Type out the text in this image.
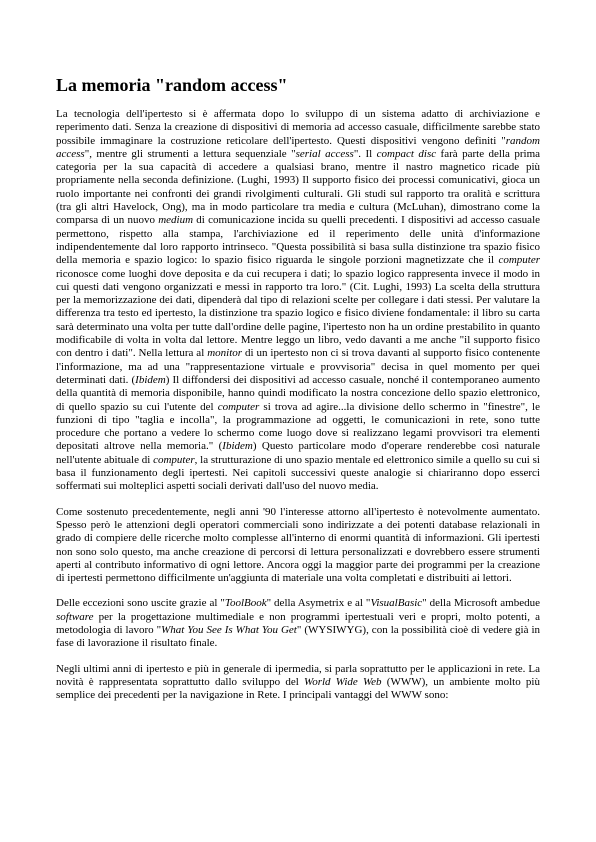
La memoria "random access"

La tecnologia dell'ipertesto si è affermata dopo lo sviluppo di un sistema adatto di archiviazione e reperimento dati. Senza la creazione di dispositivi di memoria ad accesso casuale, difficilmente sarebbe stato possibile immaginare la costruzione reticolare dell'ipertesto. Questi dispositivi vengono definiti "random access", mentre gli strumenti a lettura sequenziale "serial access". Il compact disc farà parte della prima categoria per la sua capacità di accedere a qualsiasi brano, mentre il nastro magnetico ricade più propriamente nella seconda definizione. (Lughi, 1993) Il supporto fisico dei processi comunicativi, gioca un ruolo importante nei confronti dei grandi rivolgimenti culturali. Gli studi sul rapporto tra oralità e scrittura (tra gli altri Havelock, Ong), ma in modo particolare tra media e cultura (McLuhan), dimostrano come la comparsa di un nuovo medium di comunicazione incida su quelli precedenti. I dispositivi ad accesso casuale permettono, rispetto alla stampa, l'archiviazione ed il reperimento delle unità d'informazione indipendentemente dal loro rapporto intrinseco. "Questa possibilità si basa sulla distinzione tra spazio fisico della memoria e spazio logico: lo spazio fisico riguarda le singole porzioni magnetizzate che il computer riconosce come luoghi dove deposita e da cui recupera i dati; lo spazio logico rappresenta invece il modo in cui questi dati vengono organizzati e messi in rapporto tra loro." (Cit. Lughi, 1993) La scelta della struttura per la memorizzazione dei dati, dipenderà dal tipo di relazioni scelte per collegare i dati stessi. Per valutare la differenza tra testo ed ipertesto, la distinzione tra spazio logico e fisico diviene fondamentale: il libro su carta sarà determinato una volta per tutte dall'ordine delle pagine, l'ipertesto non ha un ordine prestabilito in quanto modificabile di volta in volta dal lettore. Mentre leggo un libro, vedo davanti a me anche "il supporto fisico con dentro i dati". Nella lettura al monitor di un ipertesto non ci si trova davanti al supporto fisico contenente l'informazione, ma ad una "rappresentazione virtuale e provvisoria" decisa in quel momento per quei determinati dati. (Ibidem) Il diffondersi dei dispositivi ad accesso casuale, nonché il contemporaneo aumento della quantità di memoria disponibile, hanno quindi modificato la nostra concezione dello spazio elettronico, di quello spazio su cui l'utente del computer si trova ad agire...la divisione dello schermo in "finestre", le funzioni di tipo "taglia e incolla", la programmazione ad oggetti, le comunicazioni in rete, sono tutte procedure che portano a vedere lo schermo come luogo dove si realizzano legami provvisori tra elementi depositati altrove nella memoria." (Ibidem) Questo particolare modo d'operare renderebbe così naturale nell'utente abituale di computer, la strutturazione di uno spazio mentale ed elettronico simile a quello su cui si basa il funzionamento degli ipertesti. Nei capitoli successivi queste analogie si chiariranno dopo esserci soffermati sui molteplici aspetti sociali derivati dall'uso del nuovo media.

Come sostenuto precedentemente, negli anni '90 l'interesse attorno all'ipertesto è notevolmente aumentato. Spesso però le attenzioni degli operatori commerciali sono indirizzate a dei potenti database relazionali in grado di compiere delle ricerche molto complesse all'interno di enormi quantità di informazioni. Gli ipertesti non sono solo questo, ma anche creazione di percorsi di lettura personalizzati e dovrebbero essere strumenti aperti al contributo informativo di ogni lettore. Ancora oggi la maggior parte dei programmi per la creazione di ipertesti permettono difficilmente un'aggiunta di materiale una volta completati e distribuiti ai lettori.

Delle eccezioni sono uscite grazie al "ToolBook" della Asymetrix e al "VisualBasic" della Microsoft ambedue software per la progettazione multimediale e non programmi ipertestuali veri e propri, molto potenti, a metodologia di lavoro "What You See Is What You Get" (WYSIWYG), con la possibilità cioè di vedere già in fase di lavorazione il risultato finale.

Negli ultimi anni di ipertesto e più in generale di ipermedia, si parla soprattutto per le applicazioni in rete. La novità è rappresentata soprattutto dallo sviluppo del World Wide Web (WWW), un ambiente molto più semplice dei precedenti per la navigazione in Rete. I principali vantaggi del WWW sono:
